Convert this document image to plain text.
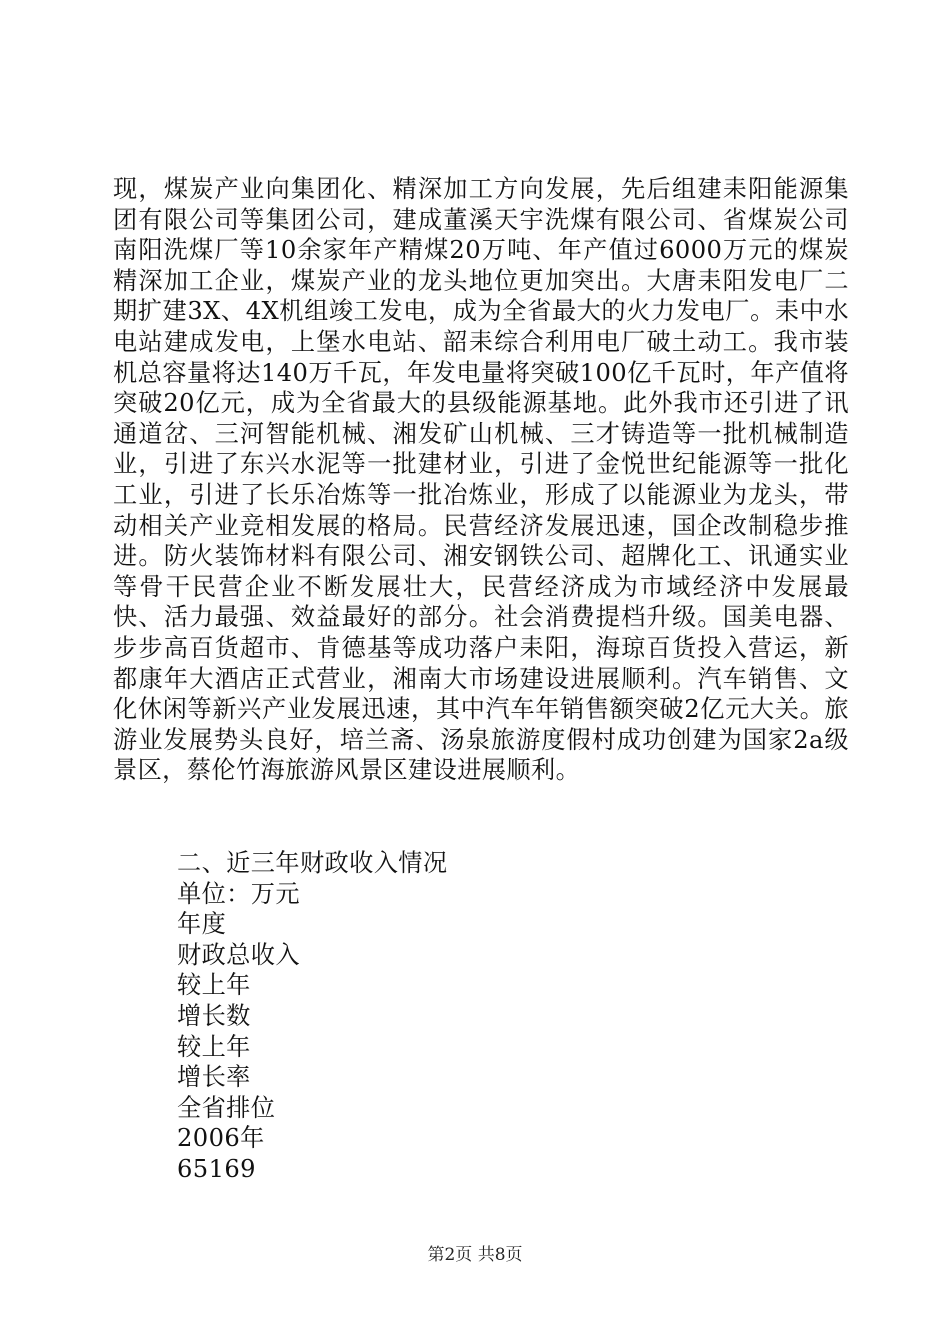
现，煤炭产业向集团化、精深加工方向发展，先后组建耒阳能源集团有限公司等集团公司，建成董溪天宇洗煤有限公司、省煤炭公司南阳洗煤厂等10余家年产精煤20万吨、年产值过6000万元的煤炭精深加工企业，煤炭产业的龙头地位更加突出。大唐耒阳发电厂二期扩建3X、4X机组竣工发电，成为全省最大的火力发电厂。耒中水电站建成发电，上堡水电站、韶耒综合利用电厂破土动工。我市装机总容量将达140万千瓦，年发电量将突破100亿千瓦时，年产值将突破20亿元，成为全省最大的县级能源基地。此外我市还引进了讯通道岔、三河智能机械、湘发矿山机械、三才铸造等一批机械制造业，引进了东兴水泥等一批建材业，引进了金悦世纪能源等一批化工业，引进了长乐冶炼等一批冶炼业，形成了以能源业为龙头，带动相关产业竞相发展的格局。民营经济发展迅速，国企改制稳步推进。防火装饰材料有限公司、湘安钢铁公司、超牌化工、讯通实业等骨干民营企业不断发展壮大，民营经济成为市域经济中发展最快、活力最强、效益最好的部分。社会消费提档升级。国美电器、步步高百货超市、肯德基等成功落户耒阳，海琼百货投入营运，新都康年大酒店正式营业，湘南大市场建设进展顺利。汽车销售、文化休闲等新兴产业发展迅速，其中汽车年销售额突破2亿元大关。旅游业发展势头良好，培兰斋、汤泉旅游度假村成功创建为国家2a级景区，蔡伦竹海旅游风景区建设进展顺利。

二、近三年财政收入情况
单位：万元
年度
财政总收入
较上年
增长数
较上年
增长率
全省排位
2006年
65169
第2页 共8页
